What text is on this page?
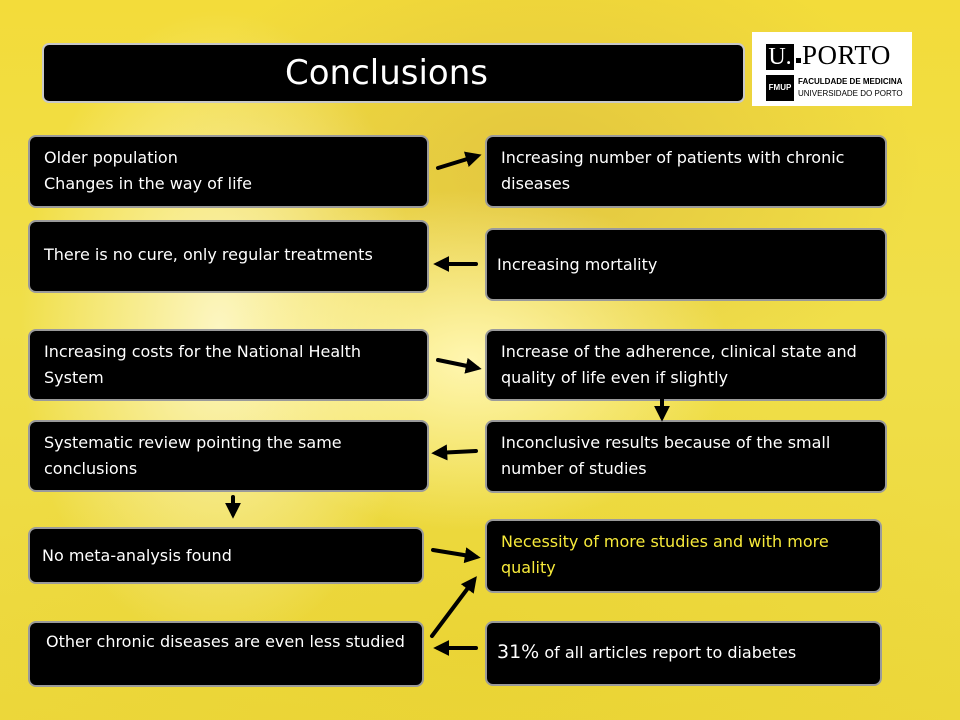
Conclusions	U. PORTO
FMUP
FACULDADE DE MEDICINA
UNIVERSIDADE DO PORTO
Older population
Changes in the way of life
Increasing number of patients with chronic diseases
There is no cure, only regular treatments
Increasing mortality
Increasing costs for the National Health System
Increase of the adherence, clinical state and quality of life even if slightly
Systematic review pointing the same conclusions
Inconclusive results because of the small number of studies
No meta-analysis found
Necessity of more studies and with more quality
Other chronic diseases are even less studied	31% of all articles report to diabetes
